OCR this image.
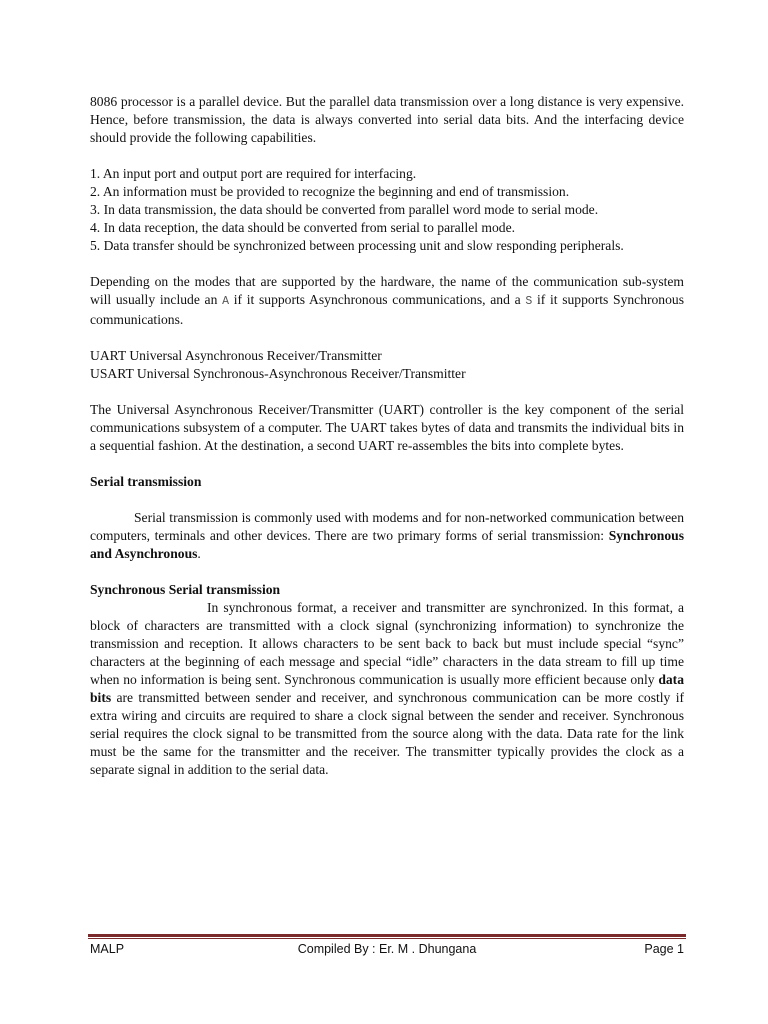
8086 processor is a parallel device. But the parallel data transmission over a long distance is very expensive. Hence, before transmission, the data is always converted into serial data bits. And the interfacing device should provide the following capabilities.

1. An input port and output port are required for interfacing.

2. An information must be provided to recognize the beginning and end of transmission.

3. In data transmission, the data should be converted from parallel word mode to serial mode.

4. In data reception, the data should be converted from serial to parallel mode.

5. Data transfer should be synchronized between processing unit and slow responding peripherals.

Depending on the modes that are supported by the hardware, the name of the communication sub-system will usually include an A if it supports Asynchronous communications, and a S if it supports Synchronous communications.

UART Universal Asynchronous Receiver/Transmitter

USART Universal Synchronous-Asynchronous Receiver/Transmitter

The Universal Asynchronous Receiver/Transmitter (UART) controller is the key component of the serial communications subsystem of a computer. The UART takes bytes of data and transmits the individual bits in a sequential fashion. At the destination, a second UART re-assembles the bits into complete bytes.

Serial transmission

Serial transmission is commonly used with modems and for non-networked communication between computers, terminals and other devices. There are two primary forms of serial transmission: Synchronous and Asynchronous.

Synchronous Serial transmission

In synchronous format, a receiver and transmitter are synchronized. In this format, a block of characters are transmitted with a clock signal (synchronizing information) to synchronize the transmission and reception. It allows characters to be sent back to back but must include special “sync” characters at the beginning of each message and special “idle” characters in the data stream to fill up time when no information is being sent. Synchronous communication is usually more efficient because only data bits are transmitted between sender and receiver, and synchronous communication can be more costly if extra wiring and circuits are required to share a clock signal between the sender and receiver. Synchronous serial requires the clock signal to be transmitted from the source along with the data. Data rate for the link must be the same for the transmitter and the receiver. The transmitter typically provides the clock as a separate signal in addition to the serial data.

MALP	Compiled By : Er. M . Dhungana	Page 1
